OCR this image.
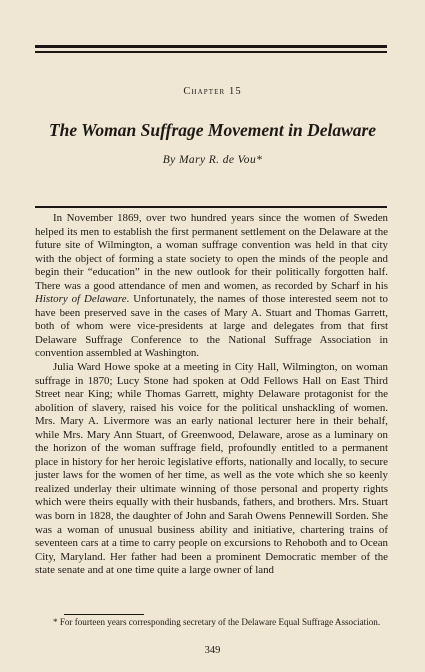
Chapter 15
The Woman Suffrage Movement in Delaware
By Mary R. de Vou*

In November 1869, over two hundred years since the women of Sweden helped its men to establish the first permanent settlement on the Delaware at the future site of Wilmington, a woman suffrage convention was held in that city with the object of forming a state society to open the minds of the people and begin their “education” in the new outlook for their politically forgotten half. There was a good attendance of men and women, as recorded by Scharf in his History of Delaware. Unfortunately, the names of those interested seem not to have been preserved save in the cases of Mary A. Stuart and Thomas Garrett, both of whom were vice-presidents at large and delegates from that first Delaware Suffrage Conference to the National Suffrage Association in convention assembled at Washington.

Julia Ward Howe spoke at a meeting in City Hall, Wilmington, on woman suffrage in 1870; Lucy Stone had spoken at Odd Fellows Hall on East Third Street near King; while Thomas Garrett, mighty Delaware protagonist for the abolition of slavery, raised his voice for the political unshackling of women. Mrs. Mary A. Livermore was an early national lecturer here in their behalf, while Mrs. Mary Ann Stuart, of Greenwood, Delaware, arose as a luminary on the horizon of the woman suffrage field, profoundly entitled to a permanent place in history for her heroic legislative efforts, nationally and locally, to secure juster laws for the women of her time, as well as the vote which she so keenly realized underlay their ultimate winning of those personal and property rights which were theirs equally with their husbands, fathers, and brothers. Mrs. Stuart was born in 1828, the daughter of John and Sarah Owens Pennewill Sorden. She was a woman of unusual business ability and initiative, chartering trains of seventeen cars at a time to carry people on excursions to Rehoboth and to Ocean City, Maryland. Her father had been a prominent Democratic member of the state senate and at one time quite a large owner of land

* For fourteen years corresponding secretary of the Delaware Equal Suffrage Association.
349
